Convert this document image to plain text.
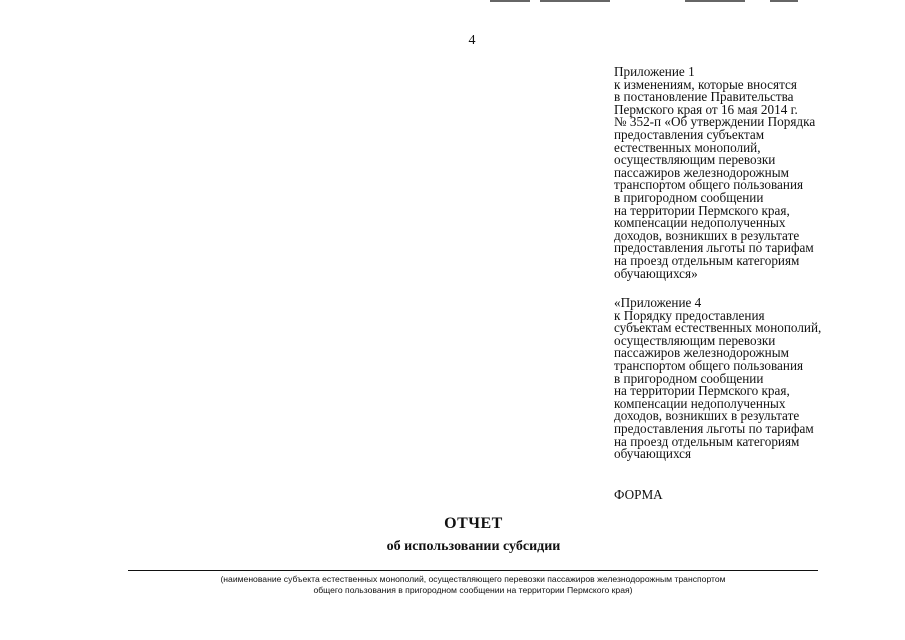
4
Приложение 1
к изменениям, которые вносятся
в постановление Правительства
Пермского края от 16 мая 2014 г.
№ 352-п «Об утверждении Порядка
предоставления субъектам
естественных монополий,
осуществляющим перевозки
пассажиров железнодорожным
транспортом общего пользования
в пригородном сообщении
на территории Пермского края,
компенсации недополученных
доходов, возникших в результате
предоставления льготы по тарифам
на проезд отдельным категориям
обучающихся»
«Приложение 4
к Порядку предоставления
субъектам естественных монополий,
осуществляющим перевозки
пассажиров железнодорожным
транспортом общего пользования
в пригородном сообщении
на территории Пермского края,
компенсации недополученных
доходов, возникших в результате
предоставления льготы по тарифам
на проезд отдельным категориям
обучающихся
ФОРМА
ОТЧЕТ
об использовании субсидии
(наименование субъекта естественных монополий, осуществляющего перевозки пассажиров железнодорожным транспортом
общего пользования в пригородном сообщении на территории Пермского края)
